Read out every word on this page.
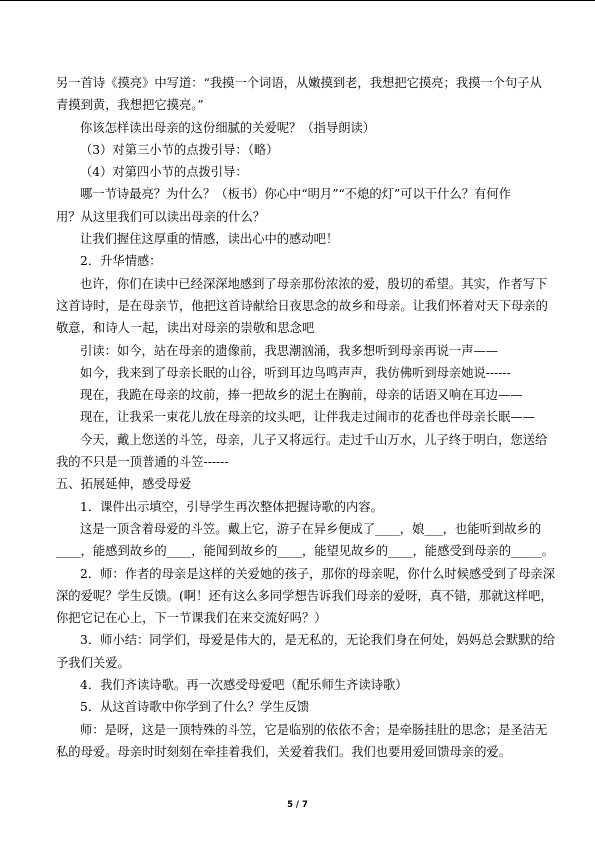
另一首诗《摸亮》中写道：“我摸一个词语，从嫩摸到老，我想把它摸亮；我摸一个句子从

青摸到黄，我想把它摸亮。”

你该怎样读出母亲的这份细腻的关爱呢？（指导朗读）

（3）对第三小节的点拨引导：（略）

（4）对第四小节的点拨引导：

哪一节诗最亮？为什么？（板书）你心中“明月”“不熄的灯”可以干什么？有何作

用？从这里我们可以读出母亲的什么？

让我们握住这厚重的情感，读出心中的感动吧！

2．升华情感：

也许，你们在读中已经深深地感到了母亲那份浓浓的爱，殷切的希望。其实，作者写下

这首诗时，是在母亲节，他把这首诗献给日夜思念的故乡和母亲。让我们怀着对天下母亲的

敬意，和诗人一起，读出对母亲的崇敬和思念吧

引读：如今，站在母亲的遗像前，我思潮汹涌，我多想听到母亲再说一声——

如今，我来到了母亲长眠的山谷，听到耳边鸟鸣声声，我仿佛听到母亲她说------

现在，我跪在母亲的坟前，捧一把故乡的泥土在胸前，母亲的话语又响在耳边——

现在，让我采一束花儿放在母亲的坟头吧，让伴我走过闹市的花香也伴母亲长眠——

今天，戴上您送的斗笠，母亲，儿子又将远行。走过千山万水，儿子终于明白，您送给

我的不只是一顶普通的斗笠------

五、拓展延伸，感受母爱

1．课件出示填空，引导学生再次整体把握诗歌的内容。

这是一顶含着母爱的斗笠。戴上它，游子在异乡便成了____，娘___，也能听到故乡的

____，能感到故乡的____，能闻到故乡的____，能望见故乡的____，能感受到母亲的_____。

2．师：作者的母亲是这样的关爱她的孩子，那你的母亲呢，你什么时候感受到了母亲深

深的爱呢？学生反馈。(啊！还有这么多同学想告诉我们母亲的爱呀，真不错，那就这样吧，

你把它记在心上，下一节课我们在来交流好吗？）

3．师小结：同学们，母爱是伟大的，是无私的，无论我们身在何处，妈妈总会默默的给

予我们关爱。

4．我们齐读诗歌。再一次感受母爱吧（配乐师生齐读诗歌）

5．从这首诗歌中你学到了什么？学生反馈

师：是呀，这是一顶特殊的斗笠，它是临别的依依不舍；是牵肠挂肚的思念；是圣洁无

私的母爱。母亲时时刻刻在牵挂着我们，关爱着我们。我们也要用爱回馈母亲的爱。

5 / 7
